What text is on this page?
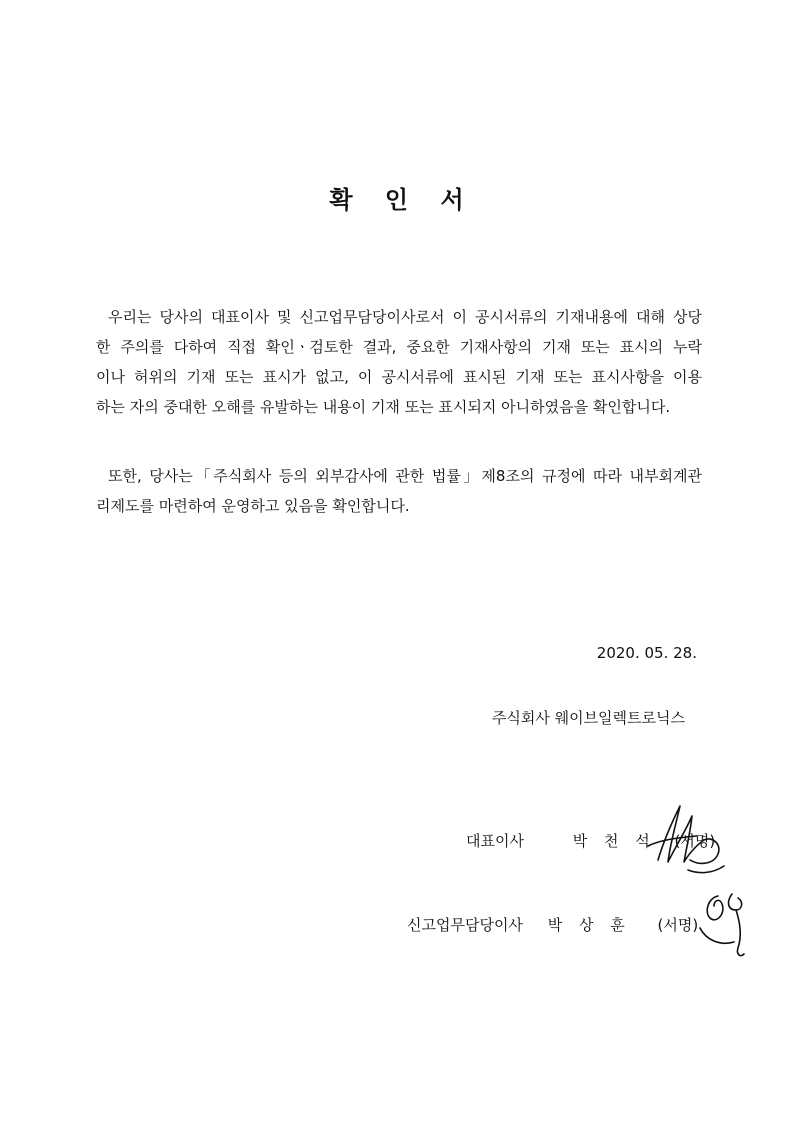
확 인 서
우리는 당사의 대표이사 및 신고업무담당이사로서 이 공시서류의 기재내용에 대해 상당
한 주의를 다하여 직접 확인ㆍ검토한 결과, 중요한 기재사항의 기재 또는 표시의 누락
이나 허위의 기재 또는 표시가 없고, 이 공시서류에 표시된 기재 또는 표시사항을 이용
하는 자의 중대한 오해를 유발하는 내용이 기재 또는 표시되지 아니하였음을 확인합니다.
또한, 당사는「주식회사 등의 외부감사에 관한 법률」제8조의 규정에 따라 내부회계관
리제도를 마련하여 운영하고 있음을 확인합니다.
2020. 05. 28.
주식회사 웨이브일렉트로닉스
대표이사	박 천 석 (서명)
신고업무담당이사 박 상 훈 (서명)
